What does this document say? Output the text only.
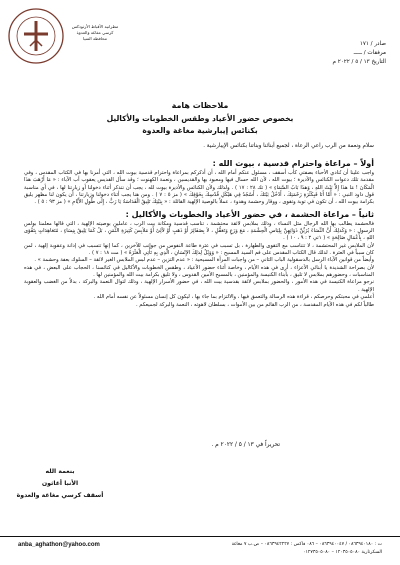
مطرانية الأقباط الأرثوذكس
كرسي مغاغة والعدوة
محافظة المنيا
صادر / ١٧١
مرفقات / ـــــ
التاريخ ١٣ / ٥ / ٢٠٢٢ م
ملاحظات هامة
بخصوص حضور الأعياد وطقس الخطوبات والأكاليل
بكنائس إيبارشية مغاغة والعدوة
سلام ونعمة من الرب راعي الرعاة ، لجميع أبنائنا وبناتنا بكنائس الإيبارشية .
أولاً – مراعاة واحترام قدسية ، بيوت الله :

واجب علينا أن نُنادي الأحباء بصفتي كأب أسقف ، مسئول عنكم أمام الله ، أن أذكركم بمراعاة واحترام قدسية بيوت الله ، التي أمرنا بها في الكتاب المقدس ، وفي مقدمة تلك دعوات الكنائس والأديرة ؛ بيوت الله ، لأن الله حسال فيها ومعبود بها والقديسين ، ونعمة الكهنوت ؛ وقد سأل القديس يعقوب أب الآباء : « مَا أَرْهَبَ هذَا الْمَكَانَ ! مَا هذَا إِلاَّ بَيْتُ اللهِ ، وَهذَا بَابُ السَّمَاءِ » ( تك ٢٨ : ١٧ ) . ولذلك ولأن الكنائس والأديرة بيوت لله ، يجب أن نتذكر أثناء دخولنا أو زيارتنا لها ، في أي مناسبة قول داود النبي : « أَمَّا أَنَا فَبِكَثْرَةِ رَحْمَتِكَ ، أَدْخُلُ بَيْتَكَ ، أَسْجُدُ فِي هَيْكَلِ قُدْسِكَ بِخَوْفِكَ » ( مز ٥ : ٧ ) . ومن هنا يجب أثناء دخولنا وزيارتنا ، أن يكون لنا مظهر يليق بكرامة بيوت الله ، أن تكون في توبة وتقوى ، ووقار وحشمة وهدوء ، عملاً بالوصية الإلهية القائلة : « بِبَيْتِكَ تَلِيقُ الْقَدَاسَةُ يَا رَبُّ ، إِلَى طُولِ الأَيَّامِ » ( مز ٩٣ : ٥ ) .

ثانياً – مراعاة الحشمة ، في حضور الأعياد والخطوبات والأكاليل :

فالحشمة يطالب بها الله الرجال مثل النساء ، وذلك بملابس لائقة محتشمة ، تناسب قدسية ومكانة بيت الرب ، عاملين بوصيته الإلهية ، التي قالها معلمنا بولس الرسول : « وَكَذلِكَ أَنَّ النِّسَاءَ يُزَيِّنَّ ذَوَاتِهِنَّ بِلِبَاسِ الْحِشْمَةِ ، مَعَ وَرَعٍ وَتَعَقُّلٍ ، لاَ بِضَفَائِرَ أَوْ ذَهَبٍ أَوْ لآلِئَ أَوْ مَلاَبِسَ كَثِيرَةِ الثَّمَنِ ، بَلْ كَمَا يَلِيقُ بِنِسَاءٍ ، مُتَعَاهِدَاتٍ بِتَقْوَى اللهِ ، بِأَعْمَالٍ صَالِحَةٍ » ( ١تي ٢ : ٩ ، ١٠ ) .

لأن الملابس غير المحتشمة ، لا تتناسب مع التقوى والطهارة ، بل تسبب في عثرة طاعة النفوس من جوانب للآخرين ، كما إنها تتسبب في إدانة وعقوبة إلهية ، لمن كان سبباً في العثرة . لذلك قال الكتاب المقدس على فم السيد المسيح : « وَوَيْلٌ لِذلِكَ الإِنْسَانِ ، الَّذِي بِهِ تَأْتِي الْعَثْرَةُ » ( مت ١٨ : ٧ ) .

وأيضاً من قوانين الآباء الرسل بالدسقولية الباب الثاني – من واجبات المرأة المسيحية : « عدم التزين – عدم لبس الملابس الغير لائقة – السلوك بعفة وحشمة » .

لأن بصراحة الشديدة يا أبنائي الأعزاء ، أرى في هذه الأيام ، وخاصة أثناء حضور الأعياد ، وطقس الخطوبات والأكاليل في كنائسنا ، الحجاب على البعض ، في هذه المناسبات ، وحضورهم بملابس لا تليق ، بأبناء الكنيسة والمؤمنين ، بالمسيح الأمين القدوس ، ولا تليق بكرامة بيت الله والمؤمنين لها .

نرجو مراعاة الكنيسة في هذه الأمور ، والحضور بملابس لائقة بقدسية بيت الله ، في حضور الأسرار الإلهية ، وذلك لتوال النعمة والبركة ، بدلاً من الغضب والعقوبة الإلهية .

أعلمي في محبتكم وحرصكم ، قراءة هذه الرسالة والتعمق فيها ، والالتزام بما جاء بها ، ليكون كل إنسان مسئولاً عن نفسه أمام الله .

طالباً لكم في هذه الأيام المقدسة ، من الرب القائم من بين الأموات ، بسلطان لاهوته ، النعمة والبركة لجميعكم .

تحريراً في ١٣ / ٥ / ٢٠٢٢ م .
بنعمة الله
الأنبا أغاثون
أسقف كرسي مغاغة والعدوة
anba_aghathon@yahoo.com	ت : ٠٨٦٣٩٤٠١٨٠ / ٠٨٦٣٩٤٠٠٤٧ – ٠٨٦ فاكس : ٠٨٦٣٩٤٢٢٢٧ – ص.ب ٧ مغاغة
السكرتارية ١٢٠٣٥٠٥٠٨٠ – ٠١٢٧٣٥٠٥٠٨٠
